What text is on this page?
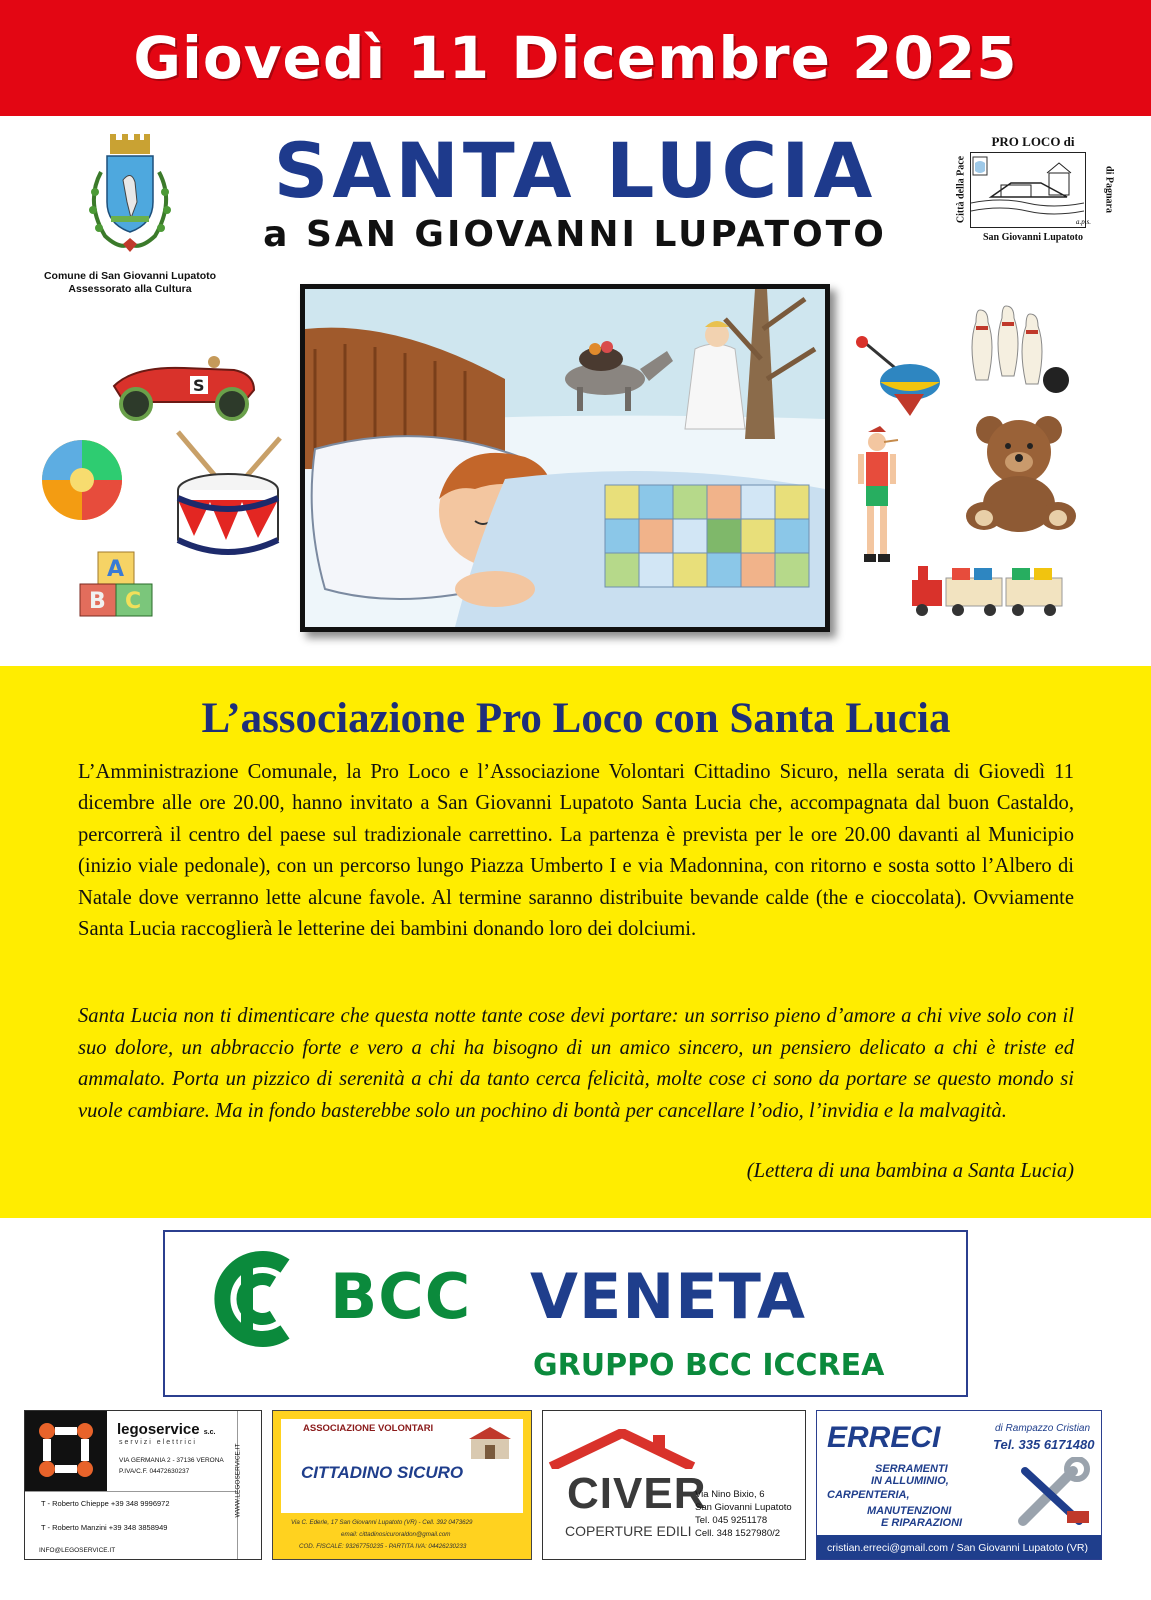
Giovedì 11 Dicembre 2025
Comune di San Giovanni Lupatoto
Assessorato alla Cultura
SANTA LUCIA
a SAN GIOVANNI LUPATOTO
PRO LOCO di
Città della Pace	di Pagnara
a.p.s.
San Giovanni Lupatoto
S
A
B C
L’associazione Pro Loco con Santa Lucia
L’Amministrazione Comunale, la Pro Loco e l’Associazione Volontari Cittadino Sicuro, nella serata di Giovedì 11 dicembre alle ore 20.00, hanno invitato a San Giovanni Lupatoto Santa Lucia che, accompagnata dal buon Castaldo, percorrerà il centro del paese sul tradizionale carrettino. La partenza è prevista per le ore 20.00 davanti al Municipio (inizio viale pedonale), con un percorso lungo Piazza Umberto I e via Madonnina, con ritorno e sosta sotto l’Albero di Natale dove verranno lette alcune favole. Al termine saranno distribuite bevande calde (the e cioccolata). Ovviamente Santa Lucia raccoglierà le letterine dei bambini donando loro dei dolciumi.
Santa Lucia non ti dimenticare che questa notte tante cose devi portare: un sorriso pieno d’amore a chi vive solo con il suo dolore, un abbraccio forte e vero a chi ha bisogno di un amico sincero, un pensiero delicato a chi è triste ed ammalato. Porta un pizzico di serenità a chi da tanto cerca felicità, molte cose ci sono da portare se questo mondo si vuole cambiare. Ma in fondo basterebbe solo un pochino di bontà per cancellare l’odio, l’invidia e la malvagità.
(Lettera di una bambina a Santa Lucia)
BCC VENETA
GRUPPO BCC ICCREA
legoservice s.c.
servizi elettrici
VIA GERMANIA 2 - 37136 VERONA
P.IVA/C.F. 04472630237
T - Roberto Chieppe +39 348 9996972
T - Roberto Manzini +39 348 3858949
INFO@LEGOSERVICE.IT
WWW.LEGOSERVICE.IT
ASSOCIAZIONE VOLONTARI
CITTADINO SICURO
Via C. Ederle, 17 San Giovanni Lupatoto (VR) - Cell. 392 0473629
email: cittadinosicuroraldon@gmail.com
COD. FISCALE: 93267750235 - PARTITA IVA: 04426230233
CIVER
COPERTURE EDILI
Via Nino Bixio, 6
San Giovanni Lupatoto
Tel. 045 9251178
Cell. 348 1527980/2
ERRECI	di Rampazzo Cristian
Tel. 335 6171480
SERRAMENTI
IN ALLUMINIO,
CARPENTERIA,
MANUTENZIONI
E RIPARAZIONI
cristian.erreci@gmail.com / San Giovanni Lupatoto (VR)
